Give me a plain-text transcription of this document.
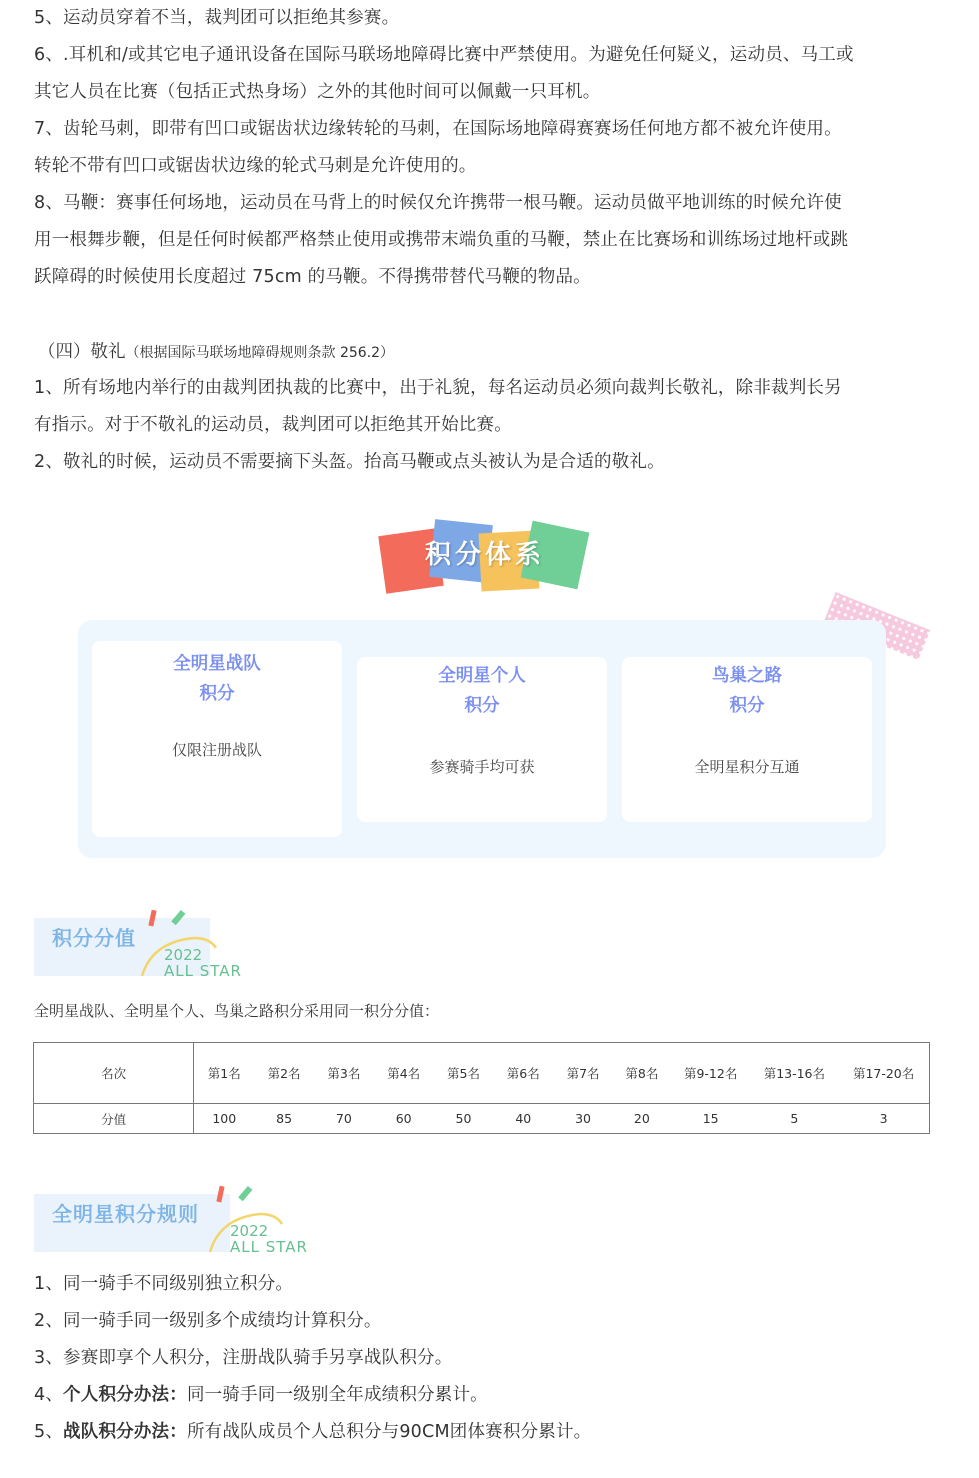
5、运动员穿着不当，裁判团可以拒绝其参赛。
6、.耳机和/或其它电子通讯设备在国际马联场地障碍比赛中严禁使用。为避免任何疑义，运动员、马工或
其它人员在比赛（包括正式热身场）之外的其他时间可以佩戴一只耳机。
7、齿轮马刺，即带有凹口或锯齿状边缘转轮的马刺，在国际场地障碍赛赛场任何地方都不被允许使用。
转轮不带有凹口或锯齿状边缘的轮式马刺是允许使用的。
8、马鞭：赛事任何场地，运动员在马背上的时候仅允许携带一根马鞭。运动员做平地训练的时候允许使
用一根舞步鞭，但是任何时候都严格禁止使用或携带末端负重的马鞭，禁止在比赛场和训练场过地杆或跳
跃障碍的时候使用长度超过 75cm 的马鞭。不得携带替代马鞭的物品。
（四）敬礼（根据国际马联场地障碍规则条款 256.2）
1、所有场地内举行的由裁判团执裁的比赛中，出于礼貌，每名运动员必须向裁判长敬礼，除非裁判长另
有指示。对于不敬礼的运动员，裁判团可以拒绝其开始比赛。
2、敬礼的时候，运动员不需要摘下头盔。抬高马鞭或点头被认为是合适的敬礼。
积分体系
全明星战队
积分
仅限注册战队
全明星个人
积分
参赛骑手均可获
鸟巢之路
积分
全明星积分互通
积分分值
2022
ALL STAR
全明星战队、全明星个人、鸟巢之路积分采用同一积分分值：
名次	第1名	第2名	第3名	第4名	第5名	第6名	第7名	第8名	第9-12名	第13-16名	第17-20名
分值	100	85	70	60	50	40	30	20	15	5	3
全明星积分规则
2022
ALL STAR
1、同一骑手不同级别独立积分。
2、同一骑手同一级别多个成绩均计算积分。
3、参赛即享个人积分，注册战队骑手另享战队积分。
4、个人积分办法：同一骑手同一级别全年成绩积分累计。
5、战队积分办法：所有战队成员个人总积分与90CM团体赛积分累计。
